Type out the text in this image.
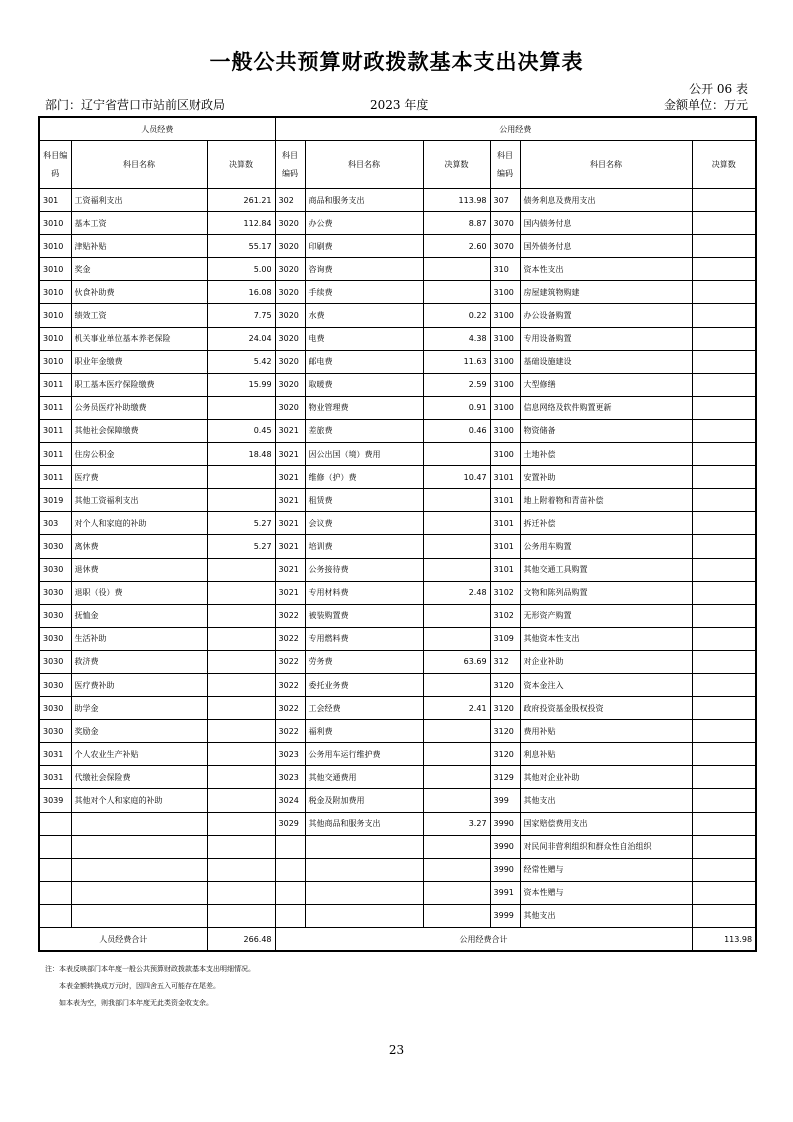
一般公共预算财政拨款基本支出决算表
公开 06 表
部门：辽宁省营口市站前区财政局	2023 年度	金额单位：万元
人员经费			公用经费					
科目编码	科目名称	决算数	科目编码	科目名称	决算数	科目编码	科目名称	决算数
301	工资福利支出	261.21	302	商品和服务支出	113.98	307	债务利息及费用支出	
3010	基本工资	112.84	3020	办公费	8.87	3070	国内债务付息	
3010	津贴补贴	55.17	3020	印刷费	2.60	3070	国外债务付息	
3010	奖金	5.00	3020	咨询费		310	资本性支出	
3010	伙食补助费	16.08	3020	手续费		3100	房屋建筑物购建	
3010	绩效工资	7.75	3020	水费	0.22	3100	办公设备购置	
3010	机关事业单位基本养老保险	24.04	3020	电费	4.38	3100	专用设备购置	
3010	职业年金缴费	5.42	3020	邮电费	11.63	3100	基础设施建设	
3011	职工基本医疗保险缴费	15.99	3020	取暖费	2.59	3100	大型修缮	
3011	公务员医疗补助缴费		3020	物业管理费	0.91	3100	信息网络及软件购置更新	
3011	其他社会保障缴费	0.45	3021	差旅费	0.46	3100	物资储备	
3011	住房公积金	18.48	3021	因公出国（境）费用		3100	土地补偿	
3011	医疗费		3021	维修（护）费	10.47	3101	安置补助	
3019	其他工资福利支出		3021	租赁费		3101	地上附着物和青苗补偿	
303	对个人和家庭的补助	5.27	3021	会议费		3101	拆迁补偿	
3030	离休费	5.27	3021	培训费		3101	公务用车购置	
3030	退休费		3021	公务接待费		3101	其他交通工具购置	
3030	退职（役）费		3021	专用材料费	2.48	3102	文物和陈列品购置	
3030	抚恤金		3022	被装购置费		3102	无形资产购置	
3030	生活补助		3022	专用燃料费		3109	其他资本性支出	
3030	救济费		3022	劳务费	63.69	312	对企业补助	
3030	医疗费补助		3022	委托业务费		3120	资本金注入	
3030	助学金		3022	工会经费	2.41	3120	政府投资基金股权投资	
3030	奖励金		3022	福利费		3120	费用补贴	
3031	个人农业生产补贴		3023	公务用车运行维护费		3120	利息补贴	
3031	代缴社会保险费		3023	其他交通费用		3129	其他对企业补助	
3039	其他对个人和家庭的补助		3024	税金及附加费用		399	其他支出	
			3029	其他商品和服务支出	3.27	3990	国家赔偿费用支出	
						3990	对民间非营利组织和群众性自治组织	
						3990	经常性赠与	
						3991	资本性赠与	
						3999	其他支出	
人员经费合计		266.48	公用经费合计					113.98
注：本表反映部门本年度一般公共预算财政拨款基本支出明细情况。
本表金额转换成万元时，因四舍五入可能存在尾差。
如本表为空，则我部门本年度无此类资金收支余。
23
